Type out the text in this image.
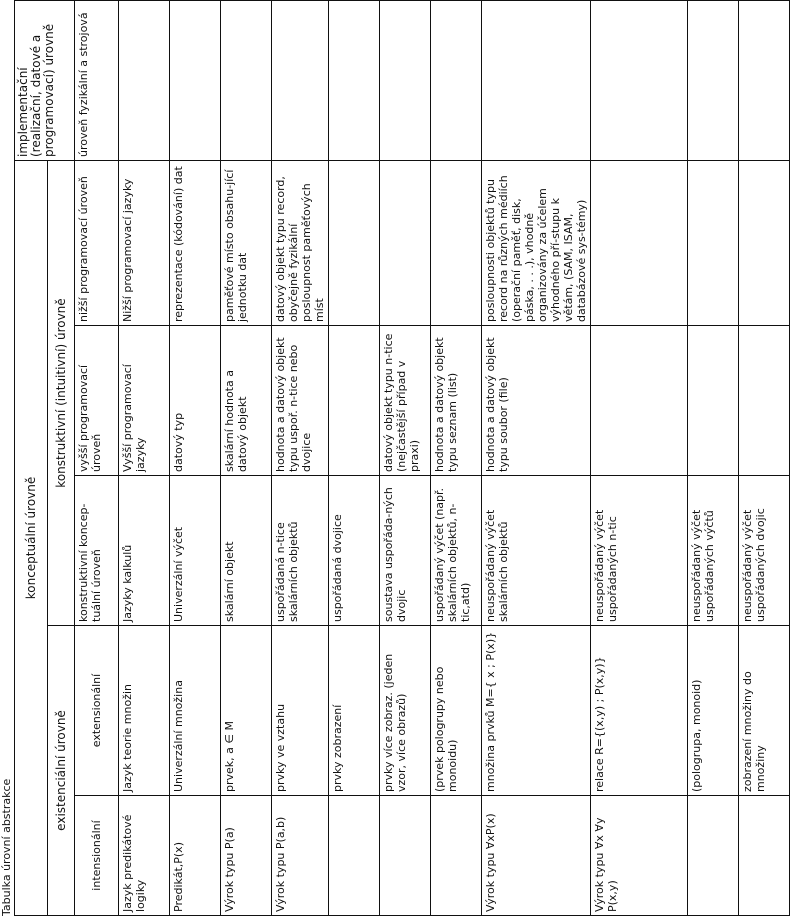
Tabulka úrovní abstrakce
konceptuální úrovně					implementační (realizační, datové a programovací) úrovně
existenciální úrovně		konstruktivní (intuitivní) úrovně			
intensionální	extensionální	konstruktivní koncep-tuální úroveň	vyšší programovací úroveň	nižší programovací úroveň	úroveň fyzikální a strojová
Jazyk predikátové logiky	Jazyk teorie množin	Jazyky kalkulů	Vyšší programovací jazyky	Nižší programovací jazyky	
Predikát,P(x)	Univerzální množina	Univerzální výčet	datový typ	reprezentace (kódování) dat	
Výrok typu P(a)	prvek, a ∈ M	skalární objekt	skalární hodnota a datový objekt	paměťové místo obsahu-jící jednotku dat	
Výrok typu P(a,b)	prvky ve vztahu	uspořádaná n-tice skalárních objektů	hodnota a datový objekt typu uspoř. n-tice nebo dvojice	datový objekt typu record, obyčejně fyzikální posloupnost paměťových míst	
	prvky zobrazení	uspořádaná dvojice			
	prvky více zobraz. (jeden vzor, více obrazů)	soustava uspořáda-ných dvojic	datový objekt typu n-tice (nejčastější případ v praxi)		
	(prvek pologrupy nebo monoidu)	uspořádaný výčet (např. skalárních objektů, n-tic,atd)	hodnota a datový objekt typu seznam (list)		
Výrok typu ∀xP(x)	množina prvků M={ x ; P(x)}	neuspořádaný výčet skalárních objektů	hodnota a datový objekt typu soubor (file)	posloupnosti objektů typu record na různých médiích (operační paměť, disk, páska, . . .), vhodně organizovány za účelem výhodného pří-stupu k větám, (SAM, ISAM, databázové sys-témy)	
Výrok typu ∀x ∀y P(x,y)	relace R={(x,y) ; P(x,y)}	neuspořádaný výčet uspořádaných n-tic			
	(pologrupa, monoid)	neuspořádaný výčet uspořádaných výčtů			
	zobrazení množiny do množiny	neuspořádaný výčet uspořádaných dvojic			
